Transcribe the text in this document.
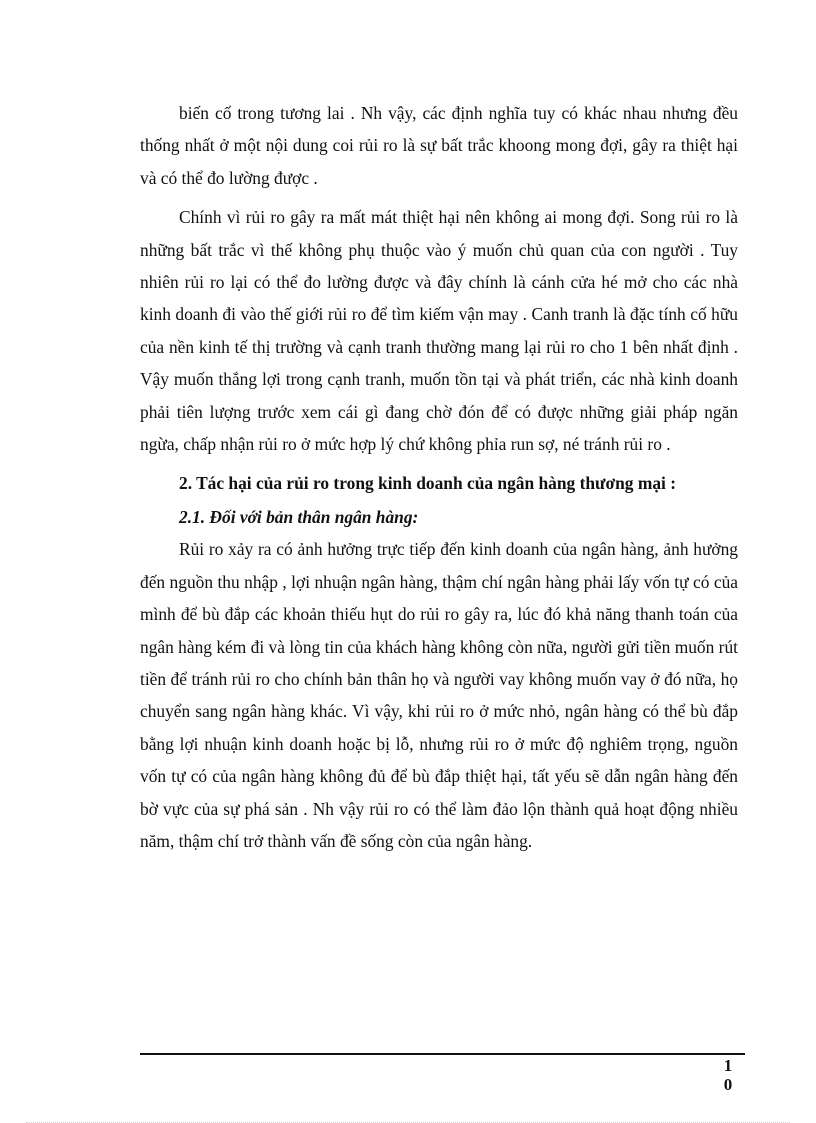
biến cố trong tương lai . Nh vậy, các định nghĩa tuy có khác nhau nhưng đều thống nhất ở một nội dung coi rủi ro là sự bất trắc khoong mong đợi, gây ra thiệt hại và có thể đo lường được .

Chính vì rủi ro gây ra mất mát thiệt hại nên không ai mong đợi. Song rủi ro là những bất trắc vì thế không phụ thuộc vào ý muốn chủ quan của con người . Tuy nhiên rủi ro lại có thể đo lường được và đây chính là cánh cửa hé mở cho các nhà kinh doanh đi vào thế giới rủi ro để tìm kiếm vận may . Canh tranh là đặc tính cố hữu của nền kinh tế thị trường và cạnh tranh thường mang lại rủi ro cho 1 bên nhất định . Vậy muốn thắng lợi trong cạnh tranh, muốn tồn tại và phát triển, các nhà kinh doanh phải tiên lượng trước xem cái gì đang chờ đón để có được những giải pháp ngăn ngừa, chấp nhận rủi ro ở mức hợp lý chứ không phỉa run sợ, né tránh rủi ro .

2. Tác hại của rủi ro trong kinh doanh của ngân hàng thương mại :
2.1. Đối với bản thân ngân hàng:

Rủi ro xảy ra có ảnh hưởng trực tiếp đến kinh doanh của ngân hàng, ảnh hưởng đến nguồn thu nhập , lợi nhuận ngân hàng, thậm chí ngân hàng phải lấy vốn tự có của mình để bù đắp các khoản thiếu hụt do rủi ro gây ra, lúc đó khả năng thanh toán của ngân hàng kém đi và lòng tin của khách hàng không còn nữa, người gửi tiền muốn rút tiền để tránh rủi ro cho chính bản thân họ và người vay không muốn vay ở đó nữa, họ chuyển sang ngân hàng khác. Vì vậy, khi rủi ro ở mức nhỏ, ngân hàng có thể bù đắp bằng lợi nhuận kinh doanh hoặc bị lỗ, nhưng rủi ro ở mức độ nghiêm trọng, nguồn vốn tự có của ngân hàng không đủ để bù đắp thiệt hại, tất yếu sẽ dẫn ngân hàng đến bờ vực của sự phá sản . Nh vậy rủi ro có thể làm đảo lộn thành quả hoạt động nhiều năm, thậm chí trở thành vấn đề sống còn của ngân hàng.

1
0
